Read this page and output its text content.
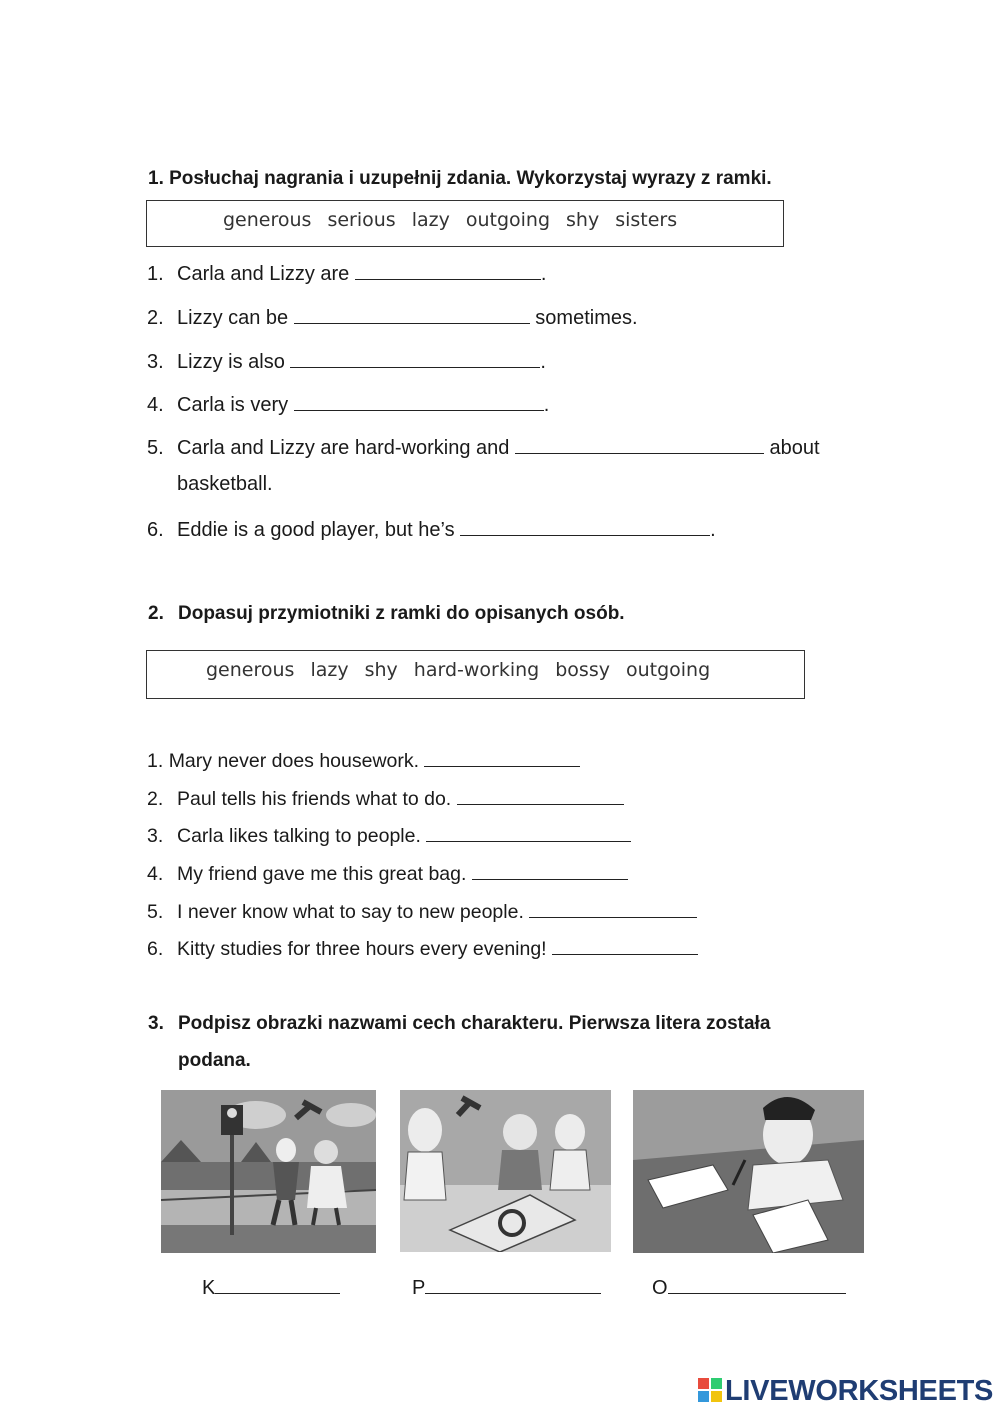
1. Posłuchaj nagrania i uzupełnij zdania. Wykorzystaj wyrazy z ramki.
generous serious lazy outgoing shy sisters
1. Carla and Lizzy are	.
2. Lizzy can be	sometimes.
3. Lizzy is also	.
4. Carla is very	.
5. Carla and Lizzy are hard-working and	about
basketball.
6. Eddie is a good player, but he’s	.
2. Dopasuj przymiotniki z ramki do opisanych osób.
generous lazy shy hard-working bossy outgoing
1. Mary never does housework.
2. Paul tells his friends what to do.
3. Carla likes talking to people.
4. My friend gave me this great bag.
5. I never know what to say to new people.
6. Kitty studies for three hours every evening!
3. Podpisz obrazki nazwami cech charakteru. Pierwsza litera została
podana.
K	P	O
LIVEWORKSHEETS
